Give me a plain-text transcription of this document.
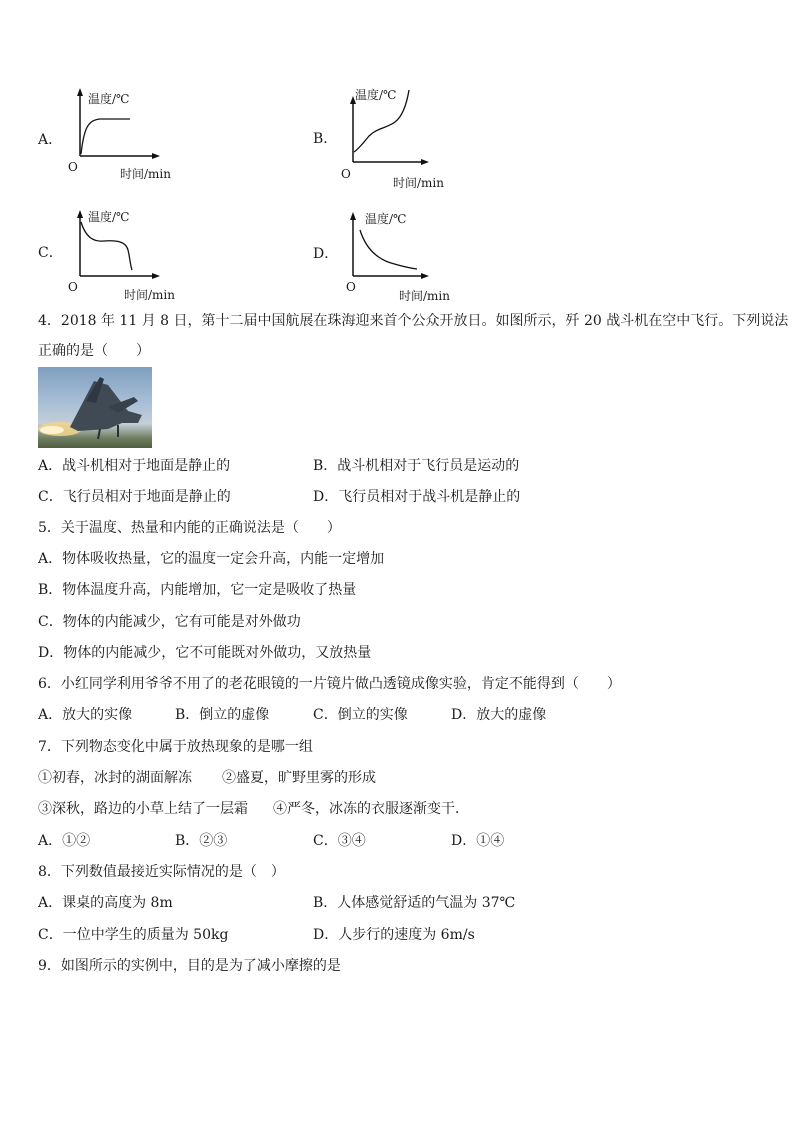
A．
温度/℃
时间/min
O
B．
温度/℃
时间/min
O
C．
温度/℃
时间/min
O
D．
温度/℃
时间/min
O
4．2018 年 11 月 8 日，第十二届中国航展在珠海迎来首个公众开放日。如图所示，歼 20 战斗机在空中飞行。下列说法
正确的是（　　）
A．战斗机相对于地面是静止的	B．战斗机相对于飞行员是运动的
C．飞行员相对于地面是静止的	D．飞行员相对于战斗机是静止的
5．关于温度、热量和内能的正确说法是（　　）
A．物体吸收热量，它的温度一定会升高，内能一定增加
B．物体温度升高，内能增加，它一定是吸收了热量
C．物体的内能减少，它有可能是对外做功
D．物体的内能减少，它不可能既对外做功，又放热量
6．小红同学利用爷爷不用了的老花眼镜的一片镜片做凸透镜成像实验，肯定不能得到（　　）
A．放大的实像	B．倒立的虚像	C．倒立的实像	D．放大的虚像
7．下列物态变化中属于放热现象的是哪一组
①初春，冰封的湖面解冻 ②盛夏，旷野里雾的形成
③深秋，路边的小草上结了一层霜 ④严冬，冰冻的衣服逐渐变干．
A．①②	B．②③	C．③④	D．①④
8．下列数值最接近实际情况的是（　）
A．课桌的高度为 8m	B．人体感觉舒适的气温为 37℃
C．一位中学生的质量为 50kg	D．人步行的速度为 6m/s
9．如图所示的实例中，目的是为了减小摩擦的是
